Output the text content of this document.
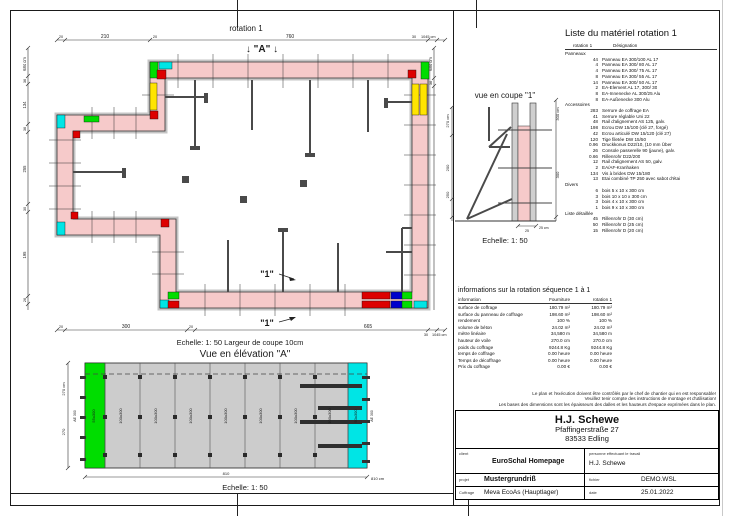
rotation 1
↓ "A" ↓
20	210	20	760	30 1045 cm
684 cm
36
134
36
255
30
195
26
684 cm
36
20	300	20	665
30 1045 cm
"1"
"1"
Echelle: 1: 50 Largeur de coupe 10cm
vue en coupe "1"
270 cm
200
250
300 cm
300
25
25 cm
Echelle: 1: 50
Vue en élévation "A"
55x300	100x300	100x300	100x300	100x300	100x300	100x300	100x300	50x300
AE 300	AE 300
270 cm
270
810
810 cm
Echelle: 1: 50
Liste du matériel rotation 1
rotation 1	Désignation
Panneaux
44 Panneau EA 300/100 AL 17
4 Panneau EA 300/ 80 AL 17
4 Panneau EA 300/ 75 AL 17
8 Panneau EA 300/ 55 AL 17
14 Panneau EA 300/ 50 AL 17
2 EA-Element AL 17, 300/ 30
8 EA-Innenecke AL 300/25 Alu
8 EA-Außenecke 300 Alu
Accessoires
283 Serrure de coffrage EA
41 Serrure réglable Uni 22
48 Rail d'alignement AS 125, galv.
198 Ecrou DW 15/100 (clé 27, forgé)
42 Ecrou articulé DW 15/120 (clé 27)
120 Tige filetée DW 15/50
0.96 Druckkonus D22/10, (10 mm Über
26 Console passerelle 90 (jaune), galv.
0.66 Rillenrohr D22/200
12 Rail d'alignement AS 50, galv.
2 EA/AF-Kranhaken
134 Vis à brides DW 15/180
13 Etai combiné TP 250 avec sabot d'étai
Divers
6 bois 5 x 10 x 300 cm
3 bois 10 x 10 x 300 cm
3 bois 4 x 10 x 300 cm
1 bois 9 x 10 x 300 cm
Liste détaillée
45 Rillenrohr D (30 cm)
50 Rillenrohr D (25 cm)
15 Rillenrohr D (20 cm)
informations sur la rotation séquence 1 à 1
information	Fourniture	rotation 1
surface de coffrage	180.79 m²	180.79 m²
surface du panneau de coffrage	198.60 m²	198.60 m²
rendement	100 %	100 %
volume de béton	24.02 m³	24.02 m³
mètre linéaire	34,580 m	34,580 m
hauteur de voile	270.0 cm	270.0 cm
poids du coffrage	9244.8 Kg	9244.8 Kg
temps de coffrage	0.00 heure	0.00 heure
Temps de décoffrage	0.00 heure	0.00 heure
Prix du coffrage	0.00 €	0.00 €
Le plan et l'exécution doivent être contrôlés par le chef de chantier qui en est responsable!
Veuillez tenir compte des instructions de montage et d'utilisation!
Les bases des dimensions sont les épaisseurs des dalles et les hauteurs d'espace exprimées dans le plan.
H.J. Schewe
Pfaffingerstraße 27
83533 Edling
client
EuroSchal Homepage
personne effectuant le travail
H.J. Schewe
projet Mustergrundriß	fichier	DEMO.WSL
Coffrage Meva EcoAs (Hauptlager)	date	25.01.2022
